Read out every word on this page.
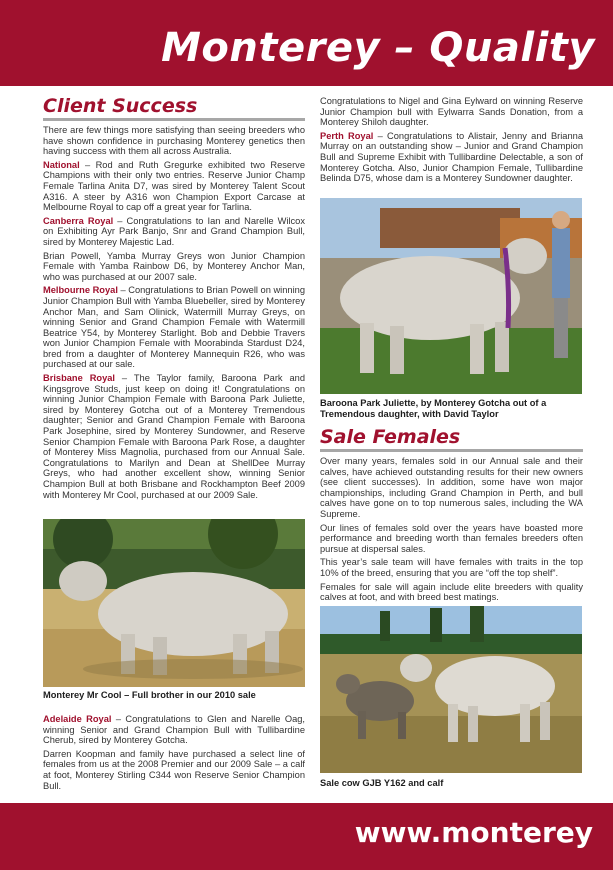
Monterey – Quality
Client Success

There are few things more satisfying than seeing breeders who have shown confidence in purchasing Monterey genetics then having success with them all across Australia.

National – Rod and Ruth Gregurke exhibited two Reserve Champions with their only two entries. Reserve Junior Champ Female Tarlina Anita D7, was sired by Monterey Talent Scout A316. A steer by A316 won Champion Export Carcase at Melbourne Royal to cap off a great year for Tarlina.

Canberra Royal – Congratulations to Ian and Narelle Wilcox on Exhibiting Ayr Park Banjo, Snr and Grand Champion Bull, sired by Monterey Majestic Lad.

Brian Powell, Yamba Murray Greys won Junior Champion Female with Yamba Rainbow D6, by Monterey Anchor Man, who was purchased at our 2007 sale.

Melbourne Royal – Congratulations to Brian Powell on winning Junior Champion Bull with Yamba Bluebeller, sired by Monterey Anchor Man, and Sam Olinick, Watermill Murray Greys, on winning Senior and Grand Champion Female with Watermill Beatrice Y54, by Monterey Starlight. Bob and Debbie Travers won Junior Champion Female with Moorabinda Stardust D24, bred from a daughter of Monterey Mannequin R26, who was purchased at our sale.

Brisbane Royal – The Taylor family, Baroona Park and Kingsgrove Studs, just keep on doing it! Congratulations on winning Junior Champion Female with Baroona Park Juliette, sired by Monterey Gotcha out of a Monterey Tremendous daughter; Senior and Grand Champion Female with Baroona Park Josephine, sired by Monterey Sundowner, and Reserve Senior Champion Female with Baroona Park Rose, a daughter of Monterey Miss Magnolia, purchased from our Annual Sale. Congratulations to Marilyn and Dean at ShellDee Murray Greys, who had another excellent show, winning Senior Champion Bull at both Brisbane and Rockhampton Beef 2009 with Monterey Mr Cool, purchased at our 2009 Sale.

Monterey Mr Cool – Full brother in our 2010 sale

Adelaide Royal – Congratulations to Glen and Narelle Oag, winning Senior and Grand Champion Bull with Tullibardine Cherub, sired by Monterey Gotcha.

Darren Koopman and family have purchased a select line of females from us at the 2008 Premier and our 2009 Sale – a calf at foot, Monterey Stirling C344 won Reserve Senior Champion Bull.

Congratulations to Nigel and Gina Eylward on winning Reserve Junior Champion bull with Eylwarra Sands Donation, from a Monterey Shiloh daughter.

Perth Royal – Congratulations to Alistair, Jenny and Brianna Murray on an outstanding show – Junior and Grand Champion Bull and Supreme Exhibit with Tullibardine Delectable, a son of Monterey Gotcha. Also, Junior Champion Female, Tullibardine Belinda D75, whose dam is a Monterey Sundowner daughter.

Baroona Park Juliette, by Monterey Gotcha out of a Tremendous daughter, with David Taylor
Sale Females

Over many years, females sold in our Annual sale and their calves, have achieved outstanding results for their new owners (see client successes). In addition, some have won major championships, including Grand Champion in Perth, and bull calves have gone on to top numerous sales, including the WA Supreme.

Our lines of females sold over the years have boasted more performance and breeding worth than females breeders often pursue at dispersal sales.

This year’s sale team will have females with traits in the top 10% of the breed, ensuring that you are “off the top shelf”.

Females for sale will again include elite breeders with quality calves at foot, and with breed best matings.

Sale cow GJB Y162 and calf
www.monterey
